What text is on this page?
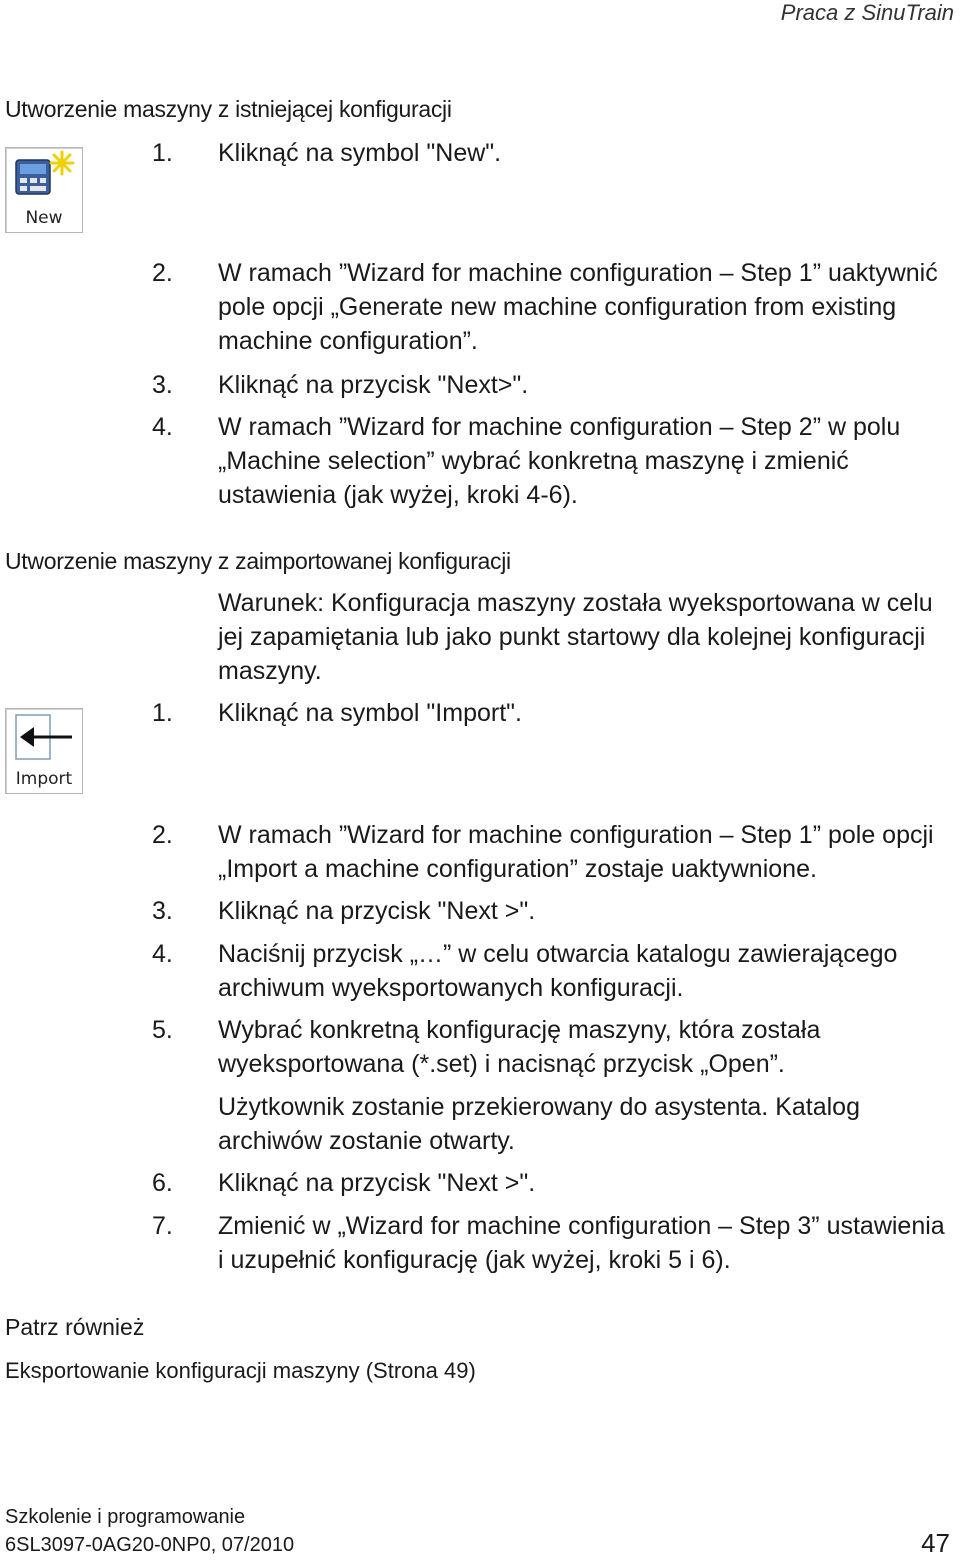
Praca z SinuTrain
Utworzenie maszyny z istniejącej konfiguracji
New
1.	Kliknąć na symbol "New".
2.	W ramach ”Wizard for machine configuration – Step 1” uaktywnić pole opcji „Generate new machine configuration from existing machine configuration”.
3.	Kliknąć na przycisk "Next>".
4.	W ramach ”Wizard for machine configuration – Step 2” w polu „Machine selection” wybrać konkretną maszynę i zmienić ustawienia (jak wyżej, kroki 4-6).
Utworzenie maszyny z zaimportowanej konfiguracji
Warunek: Konfiguracja maszyny została wyeksportowana w celu jej zapamiętania lub jako punkt startowy dla kolejnej konfiguracji maszyny.
Import
1.	Kliknąć na symbol "Import".
2.	W ramach ”Wizard for machine configuration – Step 1” pole opcji „Import a machine configuration” zostaje uaktywnione.
3.	Kliknąć na przycisk "Next >".
4.	Naciśnij przycisk „…” w celu otwarcia katalogu zawierającego archiwum wyeksportowanych konfiguracji.
5.	Wybrać konkretną konfigurację maszyny, która została wyeksportowana (*.set) i nacisnąć przycisk „Open”.
Użytkownik zostanie przekierowany do asystenta. Katalog archiwów zostanie otwarty.
6.	Kliknąć na przycisk "Next >".
7.	Zmienić w „Wizard for machine configuration – Step 3” ustawienia i uzupełnić konfigurację (jak wyżej, kroki 5 i 6).
Patrz również
Eksportowanie konfiguracji maszyny (Strona 49)
Szkolenie i programowanie
6SL3097-0AG20-0NP0, 07/2010	47
